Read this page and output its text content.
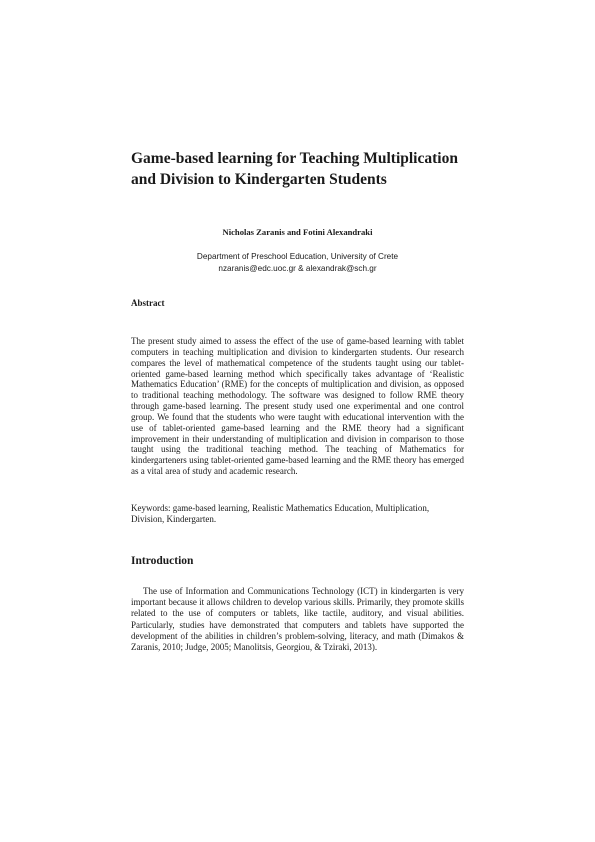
Game-based learning for Teaching Multiplication and Division to Kindergarten Students

Nicholas Zaranis and Fotini Alexandraki

Department of Preschool Education, University of Crete
nzaranis@edc.uoc.gr & alexandrak@sch.gr
Abstract

The present study aimed to assess the effect of the use of game-based learning with tablet computers in teaching multiplication and division to kindergarten students. Our research compares the level of mathematical competence of the students taught using our tablet-oriented game-based learning method which specifically takes advantage of ‘Realistic Mathematics Education’ (RME) for the concepts of multiplication and division, as opposed to traditional teaching methodology. The software was designed to follow RME theory through game-based learning. The present study used one experimental and one control group. We found that the students who were taught with educational intervention with the use of tablet-oriented game-based learning and the RME theory had a significant improvement in their understanding of multiplication and division in comparison to those taught using the traditional teaching method. The teaching of Mathematics for kindergarteners using tablet-oriented game-based learning and the RME theory has emerged as a vital area of study and academic research.

Keywords: game-based learning, Realistic Mathematics Education, Multiplication, Division, Kindergarten.

Introduction

The use of Information and Communications Technology (ICT) in kindergarten is very important because it allows children to develop various skills. Primarily, they promote skills related to the use of computers or tablets, like tactile, auditory, and visual abilities. Particularly, studies have demonstrated that computers and tablets have supported the development of the abilities in children’s problem-solving, literacy, and math (Dimakos & Zaranis, 2010; Judge, 2005; Manolitsis, Georgiou, & Tziraki, 2013).
